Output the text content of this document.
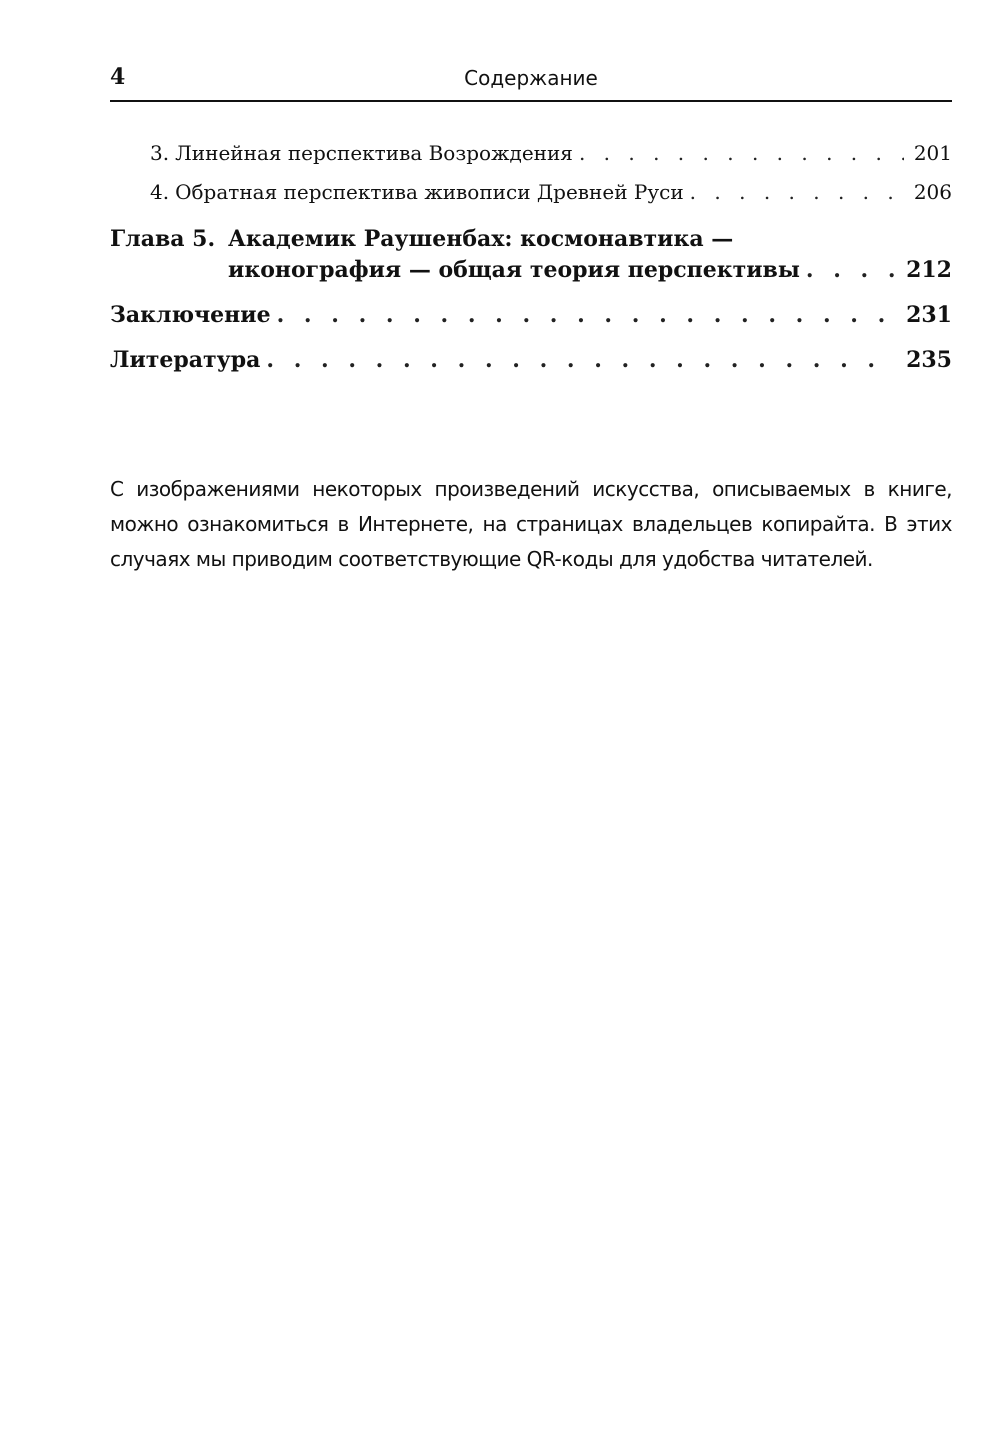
4	Содержание
3. Линейная перспектива Возрождения . . .	201
4. Обратная перспектива живописи Древней Руси . . .	206
Глава 5. Академик Раушенбах: космонавтика —
иконография — общая теория перспективы . . .	212
Заключение . . .	231
Литература . . .	235

С изображениями некоторых произведений искусства, описываемых в книге, можно ознакомиться в Интернете, на страницах владельцев копирайта. В этих случаях мы приводим соответствующие QR-коды для удобства читателей.
